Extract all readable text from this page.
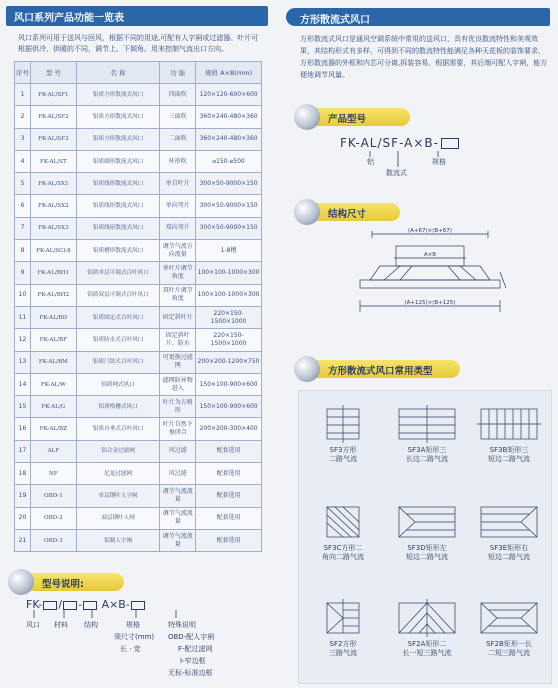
风口系列产品功能一览表
风口系列可用于送风与回风，根据不同的用途,可配有人字闸或过滤器。叶片可根据供冷、供暖的不同，调节上、下倾角。用来控制气流出口方向。
序号	型 号	名 称	功 能	规格 A×B(mm)
1	FK-AL/SF1	铝质方形散流式风口	四面吹	120×120-600×600
2	FK-AL/SF2	铝质方形散流式风口	三面吹	360×240-480×360
3	FK-AL/SF3	铝质方形散流式风口	二面吹	360×240-480×360
4	FK-AL/ST	铝质圆形散流式风口	环形吹	⌀150-⌀500
5	FK-AL/SX1	铝质线形散流式风口	单自叶片	300×50-9000×150
6	FK-AL/SX2	铝质线形散流式风口	单向弯片	300×50-9000×150
7	FK-AL/SX3	铝质线形散流式风口	双向弯片	300×50-9000×150
8	FK-AL/SCl-8	铝质槽形散流式风口	调节气流方向流量	1-8槽
9	FK-AL/BH1	铝质单层可调式百叶风口	单叶片调节角度	100×100-1000×300
10	FK-AL/BH2	铝质双层可调式百叶风口	双叶片调节角度	100×100-1000×300
11	FK-AL/BD	铝质固定式百叶风口	固定斜叶片	220×150-1500×1000
12	FK-AL/BF	铝质防水式百叶风口	固定斜叶片、防水	220×150-1500×1000
13	FK-AL/BM	铝质门铰式百叶风口	可更换过滤网	200×200-1200×750
14	FK-AL/W	铝质网式风口	滤网防异物进入	150×100-900×600
15	FK-AL/G	铝质格栅式风口	叶片为方格形	150×100-900×600
16	FK-AL/BZ	铝质自垂式百叶风口	叶片自然下垂闭合	200×200-300×400
17	ALF	铝合金过滤网	风过滤	配套选用
18	NF	尼龙过滤网	风过滤	配套选用
19	OBD-1	单层钢叶人字闸	调节气流流量	配套选用
20	OBD-2	双层钢叶人闸	调节气流流量	配套选用
21	OBD-3	铝制人字闸	调节气流流量	配套选用
型号说明:
FK- / - A×B-
风口 材料 结构	规格
须尺寸(mm)
长 · 宽
特殊说明
OBD-配人字闸
F-配过滤网
I-窄边框
无标-标准边框
方形散流式风口
方形散流式风口是通风空调系统中常用的送风口，具有优良散流特性和美观效果，其结构形式有多样，可得到不同的散流特性能满足各种天花板的装饰要求，方形散流器的外框和内芯可分离,拆装容易，根据需要，其后端可配入字闸，能方便地调节风量。
产品型号
FK-AL/SF-A×B-
铝	规格
散流式
结构尺寸
(A+67)×(B+67)
A×B
(A+125)×(B+125)
方形散流式风口常用类型
SF3方形
二路气流
SF3A矩形三
长边二路气流
SF3B矩形三
短边二路气流
SF3C方形二
角向二路气流
SF3D矩形左
短边二路气流
SF3E矩形右
短边二路气流
SF2方形
三路气流
SF2A矩形二
长一短三路气流
SF2B矩形一长
二短三路气流
